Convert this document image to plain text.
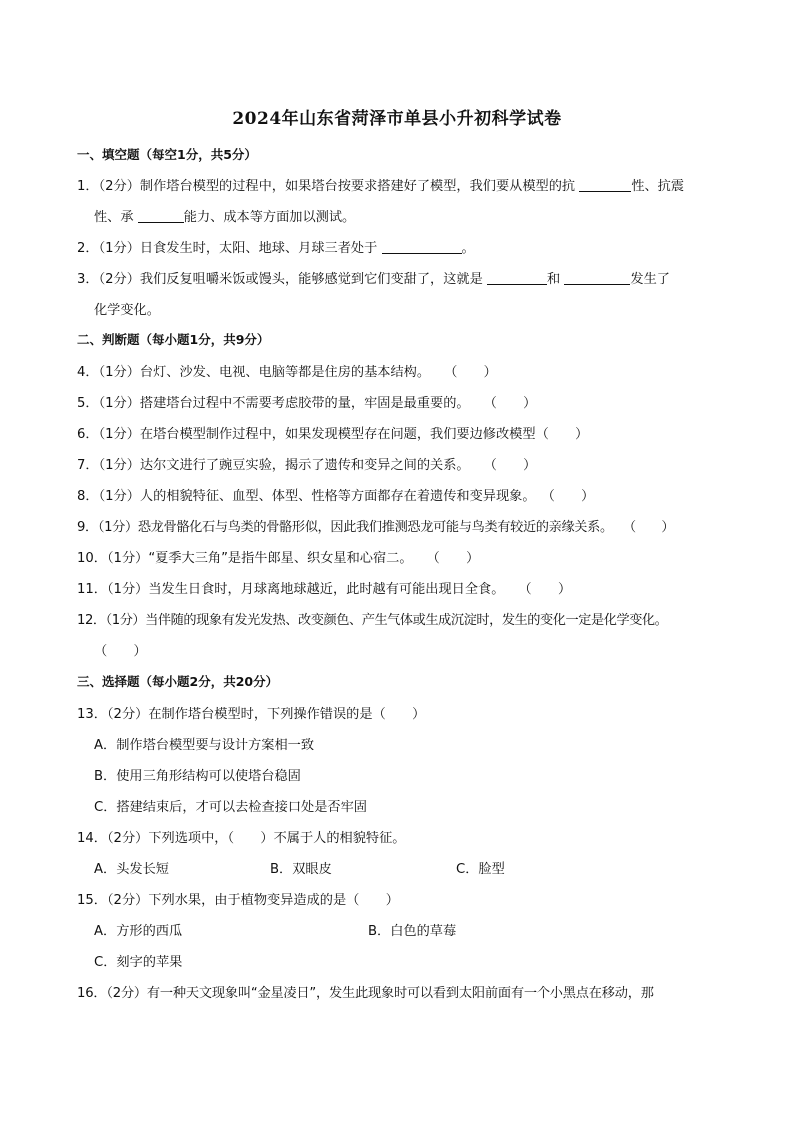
2024年山东省菏泽市单县小升初科学试卷
一、填空题（每空1分，共5分）
1．（2分）制作塔台模型的过程中，如果塔台按要求搭建好了模型，我们要从模型的抗	性、抗震
性、承	能力、成本等方面加以测试。
2．（1分）日食发生时，太阳、地球、月球三者处于	。
3．（2分）我们反复咀嚼米饭或馒头，能够感觉到它们变甜了，这就是	和	发生了
化学变化。
二、判断题（每小题1分，共9分）
4．（1分）台灯、沙发、电视、电脑等都是住房的基本结构。 （　　）
5．（1分）搭建塔台过程中不需要考虑胶带的量，牢固是最重要的。 （　　）
6．（1分）在塔台模型制作过程中，如果发现模型存在问题，我们要边修改模型（　　）
7．（1分）达尔文进行了豌豆实验，揭示了遗传和变异之间的关系。 （　　）
8．（1分）人的相貌特征、血型、体型、性格等方面都存在着遗传和变异现象。 （　　）
9．（1分）恐龙骨骼化石与鸟类的骨骼形似，因此我们推测恐龙可能与鸟类有较近的亲缘关系。 （　　）
10．（1分）“夏季大三角”是指牛郎星、织女星和心宿二。 （　　）
11．（1分）当发生日食时，月球离地球越近，此时越有可能出现日全食。 （　　）
12．（1分）当伴随的现象有发光发热、改变颜色、产生气体或生成沉淀时，发生的变化一定是化学变化。
（　　）
三、选择题（每小题2分，共20分）
13．（2分）在制作塔台模型时，下列操作错误的是（　　）
A．制作塔台模型要与设计方案相一致
B．使用三角形结构可以使塔台稳固
C．搭建结束后，才可以去检查接口处是否牢固
14．（2分）下列选项中，（　　）不属于人的相貌特征。
A．头发长短	B．双眼皮	C．脸型
15．（2分）下列水果，由于植物变异造成的是（　　）
A．方形的西瓜	B．白色的草莓
C．刻字的苹果
16．（2分）有一种天文现象叫“金星凌日”，发生此现象时可以看到太阳前面有一个小黑点在移动，那
